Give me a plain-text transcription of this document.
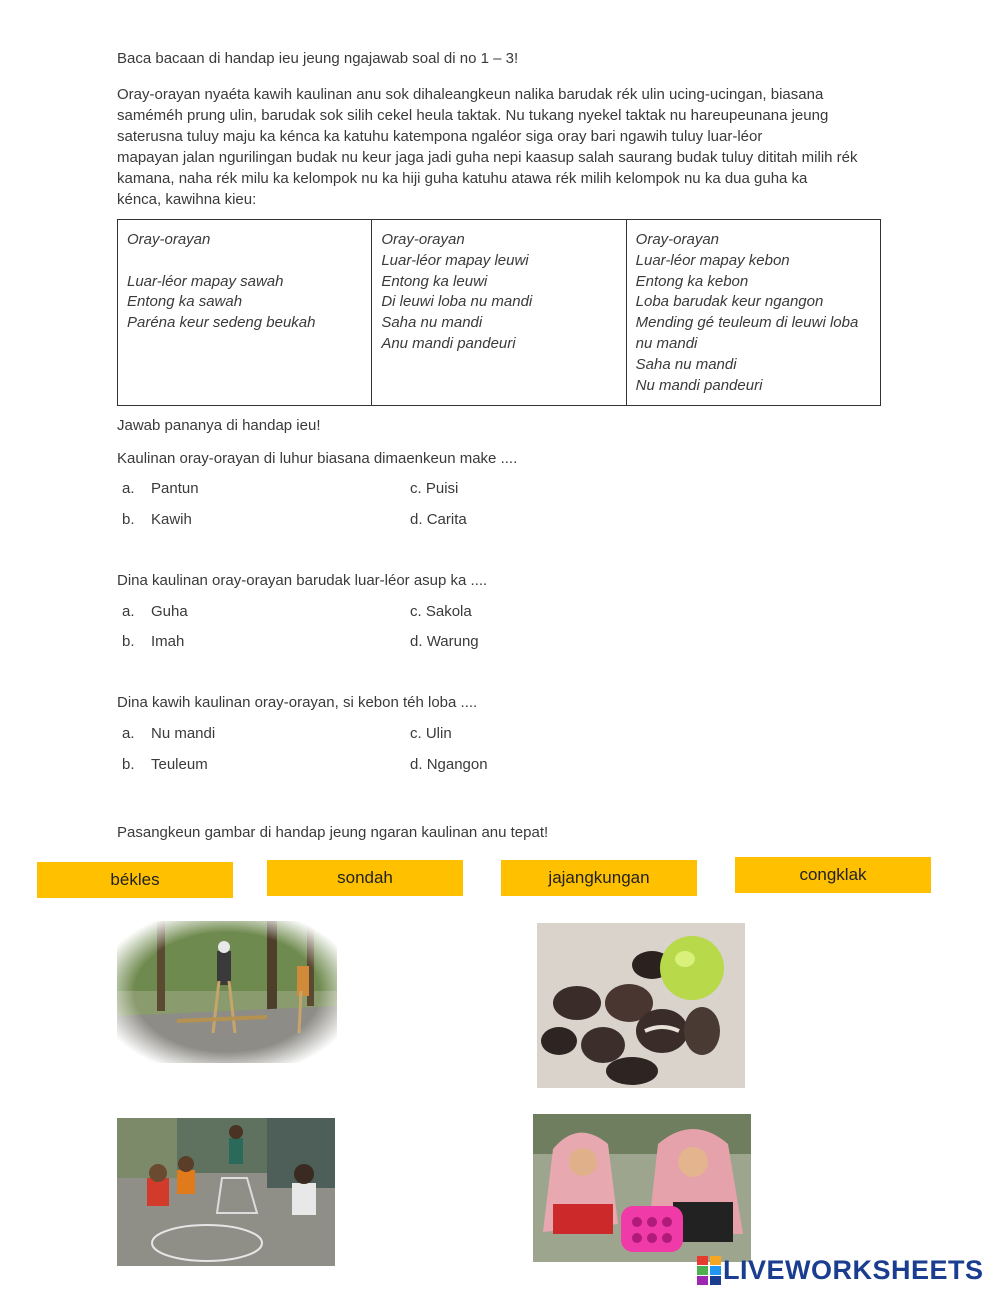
Baca bacaan di handap ieu jeung ngajawab soal di no 1 – 3!
Oray-orayan nyaéta kawih kaulinan anu sok dihaleangkeun nalika barudak rék ulin ucing-ucingan, biasana
saméméh prung ulin, barudak sok silih cekel heula taktak. Nu tukang nyekel taktak nu hareupeunana jeung
saterusna tuluy maju ka kénca ka katuhu katempona ngaléor siga oray bari ngawih tuluy luar-léor
mapayan jalan ngurilingan budak nu keur jaga jadi guha nepi kaasup salah saurang budak tuluy dititah milih rék
kamana, naha rék milu ka kelompok nu ka hiji guha katuhu atawa rék milih kelompok nu ka dua guha ka
kénca, kawihna kieu:
Oray-orayan
Luar-léor mapay sawah
Entong ka sawah
Paréna keur sedeng beukah

Oray-orayan
Luar-léor mapay leuwi
Entong ka leuwi
Di leuwi loba nu mandi
Saha nu mandi
Anu mandi pandeuri

Oray-orayan
Luar-léor mapay kebon
Entong ka kebon
Loba barudak keur ngangon
Mending gé teuleum di leuwi loba
nu mandi
Saha nu mandi
Nu mandi pandeuri
Jawab pananya di handap ieu!
Kaulinan oray-orayan di luhur biasana dimaenkeun make ....
a. Pantun	c. Puisi
b. Kawih	d. Carita
Dina kaulinan oray-orayan barudak luar-léor asup ka ....
a. Guha	c. Sakola
b. Imah	d. Warung
Dina kawih kaulinan oray-orayan, si kebon téh loba ....
a. Nu mandi	c. Ulin
b. Teuleum	d. Ngangon
Pasangkeun gambar di handap jeung ngaran kaulinan anu tepat!
békles	sondah	jajangkungan	congklak
LIVEWORKSHEETS
